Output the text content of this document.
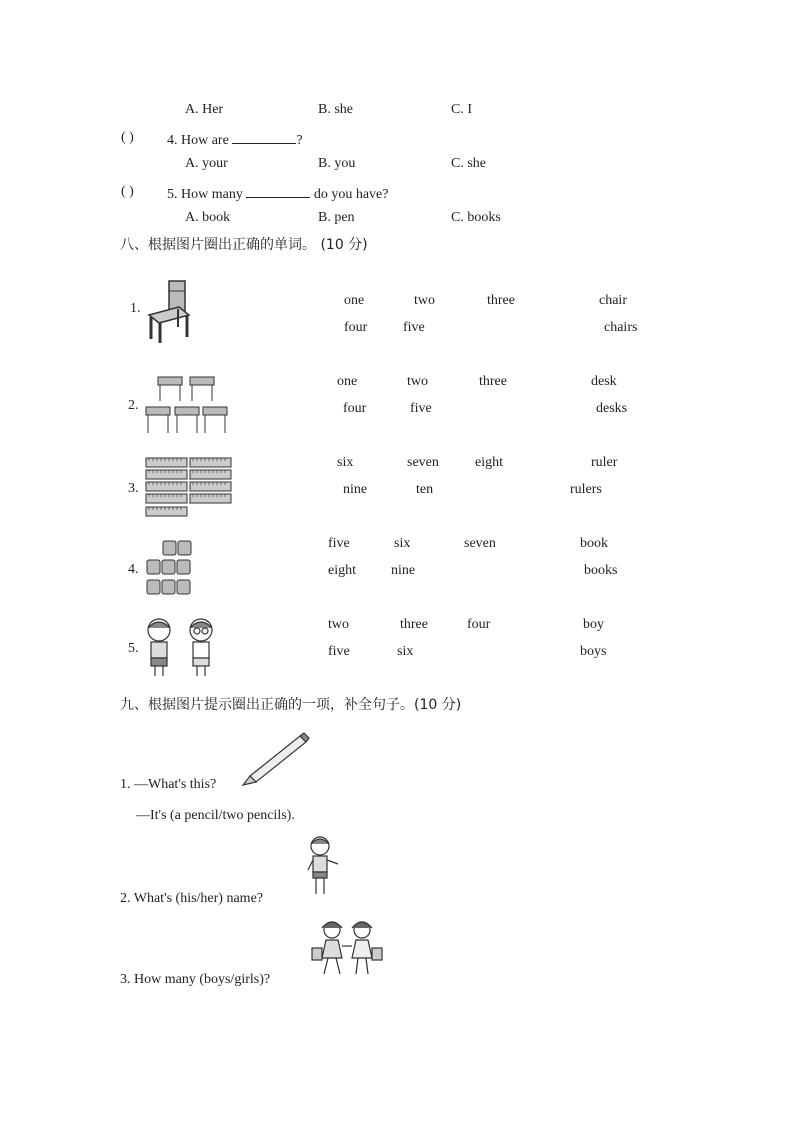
A. Her	B. she	C. I
( ) 4. How are	?
A. your	B. you	C. she
( ) 5. How many	do you have?
A. book	B. pen	C. books
八、根据图片圈出正确的单词。 (10 分)
1.
one	two	three	chair
four	five	chairs
2.
one	two	three	desk
four	five	desks
3.
six	seven	eight	ruler
nine	ten	rulers
4.
five	six	seven	book
eight	nine	books
5.
two	three	four	boy
five	six	boys
九、根据图片提示圈出正确的一项，补全句子。(10 分)
1. —What's this?
—It's (a pencil/two pencils).
2. What's (his/her) name?
3. How many (boys/girls)?
